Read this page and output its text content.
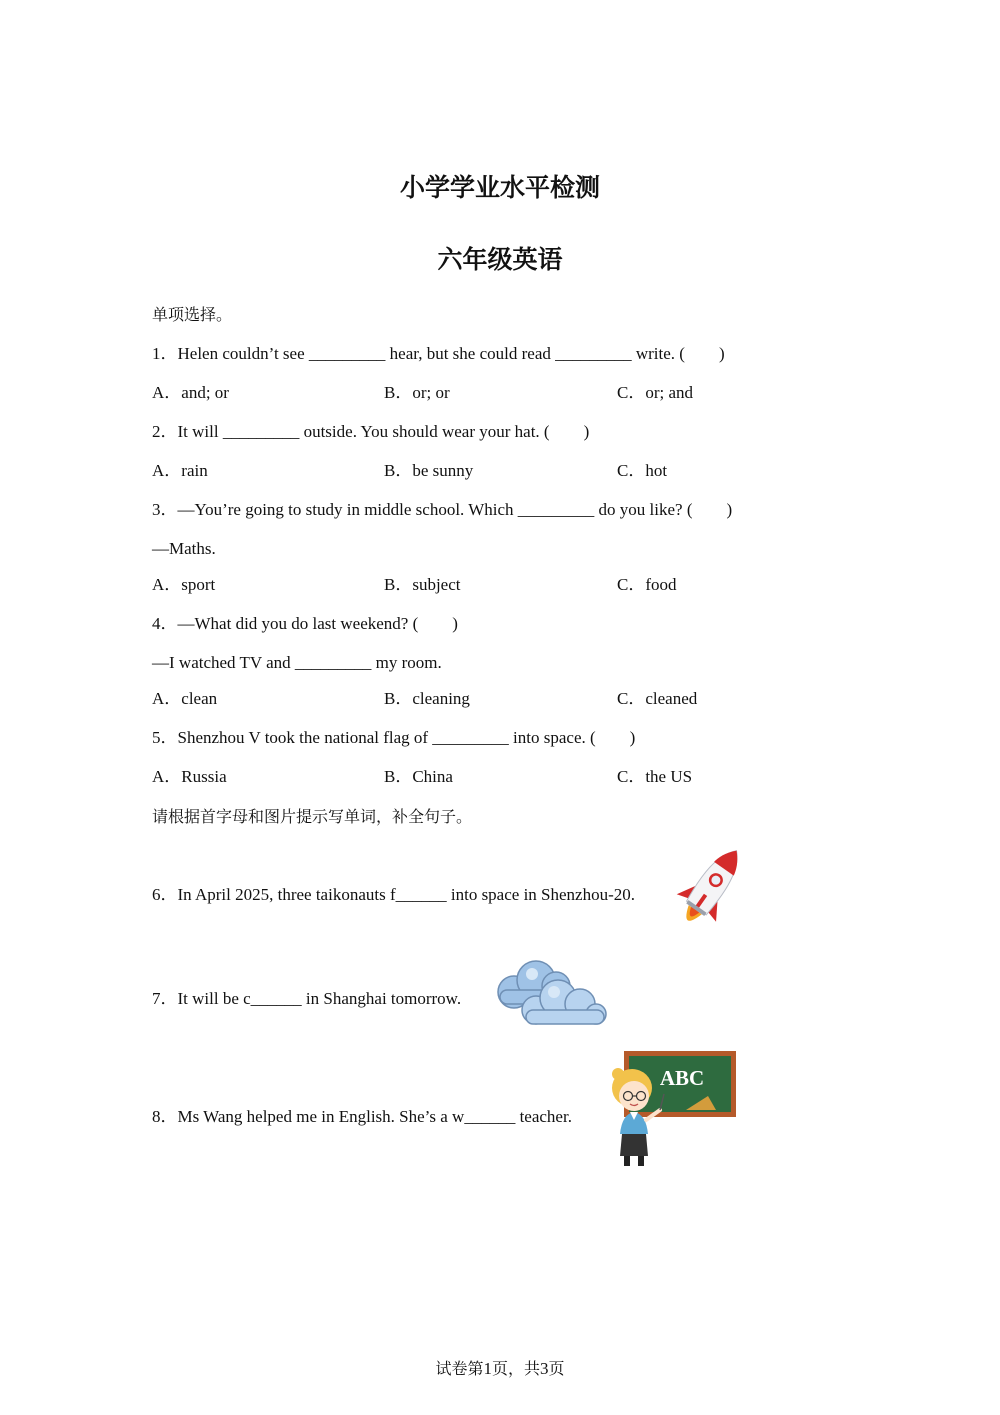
小学学业水平检测
六年级英语
单项选择。
1．Helen couldn’t see _________ hear, but she could read _________ write. (　　)
A．and; or	B．or; or	C．or; and
2．It will _________ outside. You should wear your hat. (　　)
A．rain	B．be sunny	C．hot
3．—You’re going to study in middle school. Which _________ do you like? (　　)
—Maths.
A．sport	B．subject	C．food
4．—What did you do last weekend? (　　)
—I watched TV and _________ my room.
A．clean	B．cleaning	C．cleaned
5．Shenzhou V took the national flag of _________ into space. (　　)
A．Russia	B．China	C．the US
请根据首字母和图片提示写单词，补全句子。
6．In April 2025, three taikonauts f______ into space in Shenzhou-20.
7．It will be c______ in Shanghai tomorrow.
8．Ms Wang helped me in English. She’s a w______ teacher.
ABC
试卷第1页，共3页
